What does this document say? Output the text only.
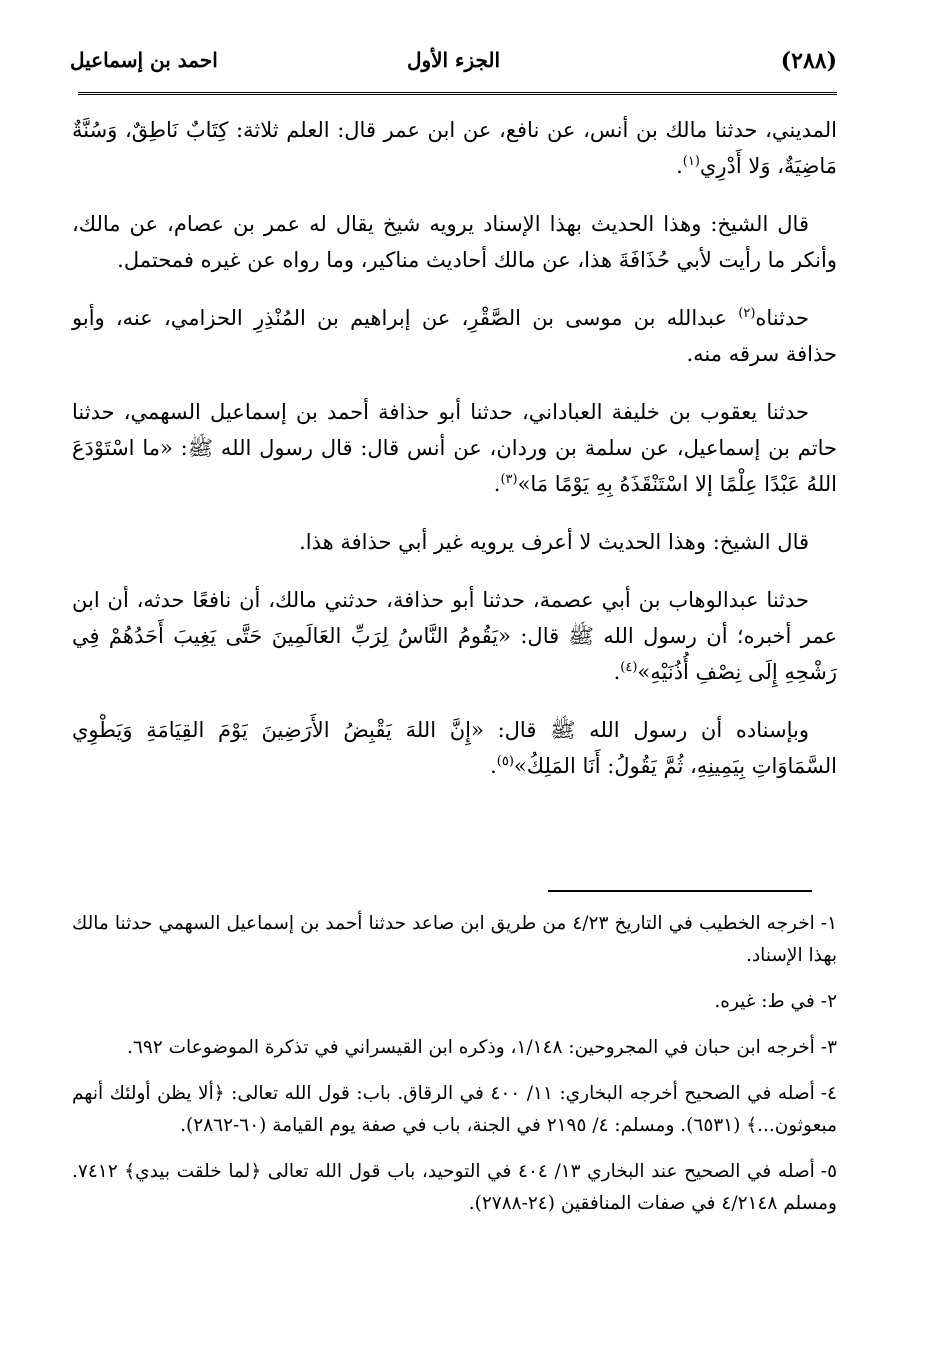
(٢٨٨)
الجزء الأول
احمد بن إسماعيل

المديني، حدثنا مالك بن أنس، عن نافع، عن ابن عمر قال: العلم ثلاثة: كِتَابٌ نَاطِقٌ، وَسُنَّةٌ مَاضِيَةٌ، وَلا أَدْرِي$^{(١)}$.

قال الشيخ: وهذا الحديث بهذا الإسناد يرويه شيخ يقال له عمر بن عصام، عن مالك، وأنكر ما رأيت لأبي حُذَافَةَ هذا، عن مالك أحاديث مناكير، وما رواه عن غيره فمحتمل.

حدثناه$^{(٢)}$ عبدالله بن موسى بن الصَّقْرِ، عن إبراهيم بن المُنْذِرِ الحزامي، عنه، وأبو حذافة سرقه منه.

حدثنا يعقوب بن خليفة العباداني، حدثنا أبو حذافة أحمد بن إسماعيل السهمي، حدثنا حاتم بن إسماعيل، عن سلمة بن وردان، عن أنس قال: قال رسول الله ﷺ: «ما اسْتَوْدَعَ اللهُ عَبْدًا عِلْمًا إلا اسْتَنْقَذَهُ بِهِ يَوْمًا مَا»$^{(٣)}$.

قال الشيخ: وهذا الحديث لا أعرف يرويه غير أبي حذافة هذا.

حدثنا عبدالوهاب بن أبي عصمة، حدثنا أبو حذافة، حدثني مالك، أن نافعًا حدثه، أن ابن عمر أخبره؛ أن رسول الله ﷺ قال: «يَقُومُ النَّاسُ لِرَبِّ العَالَمِينَ حَتَّى يَغِيبَ أَحَدُهُمْ فِي رَشْحِهِ إِلَى نِصْفِ أُذُنَيْهِ»$^{(٤)}$.

وبإسناده أن رسول الله ﷺ قال: «إِنَّ اللهَ يَقْبِضُ الأَرَضِينَ يَوْمَ القِيَامَةِ وَيَطْوِي السَّمَاوَاتِ بِيَمِينِهِ، ثُمَّ يَقُولُ: أَنَا المَلِكُ»$^{(٥)}$.

١-اخرجه الخطيب في التاريخ ٤/٢٣ من طريق ابن صاعد حدثنا أحمد بن إسماعيل السهمي حدثنا مالك بهذا الإسناد.

٢-في ط: غيره.

٣-أخرجه ابن حبان في المجروحين: ١/١٤٨، وذكره ابن القيسراني في تذكرة الموضوعات ٦٩٢.

٤-أصله في الصحيح أخرجه البخاري: ١١/ ٤٠٠ في الرقاق. باب: قول الله تعالى: ﴿ألا يظن أولئك أنهم مبعوثون...﴾ (٦٥٣١). ومسلم: ٤/ ٢١٩٥ في الجنة، باب في صفة يوم القيامة (٦٠-٢٨٦٢).

٥-أصله في الصحيح عند البخاري ١٣/ ٤٠٤ في التوحيد، باب قول الله تعالى ﴿لما خلقت بيدي﴾ ٧٤١٢. ومسلم ٤/٢١٤٨ في صفات المنافقين (٢٤-٢٧٨٨).
